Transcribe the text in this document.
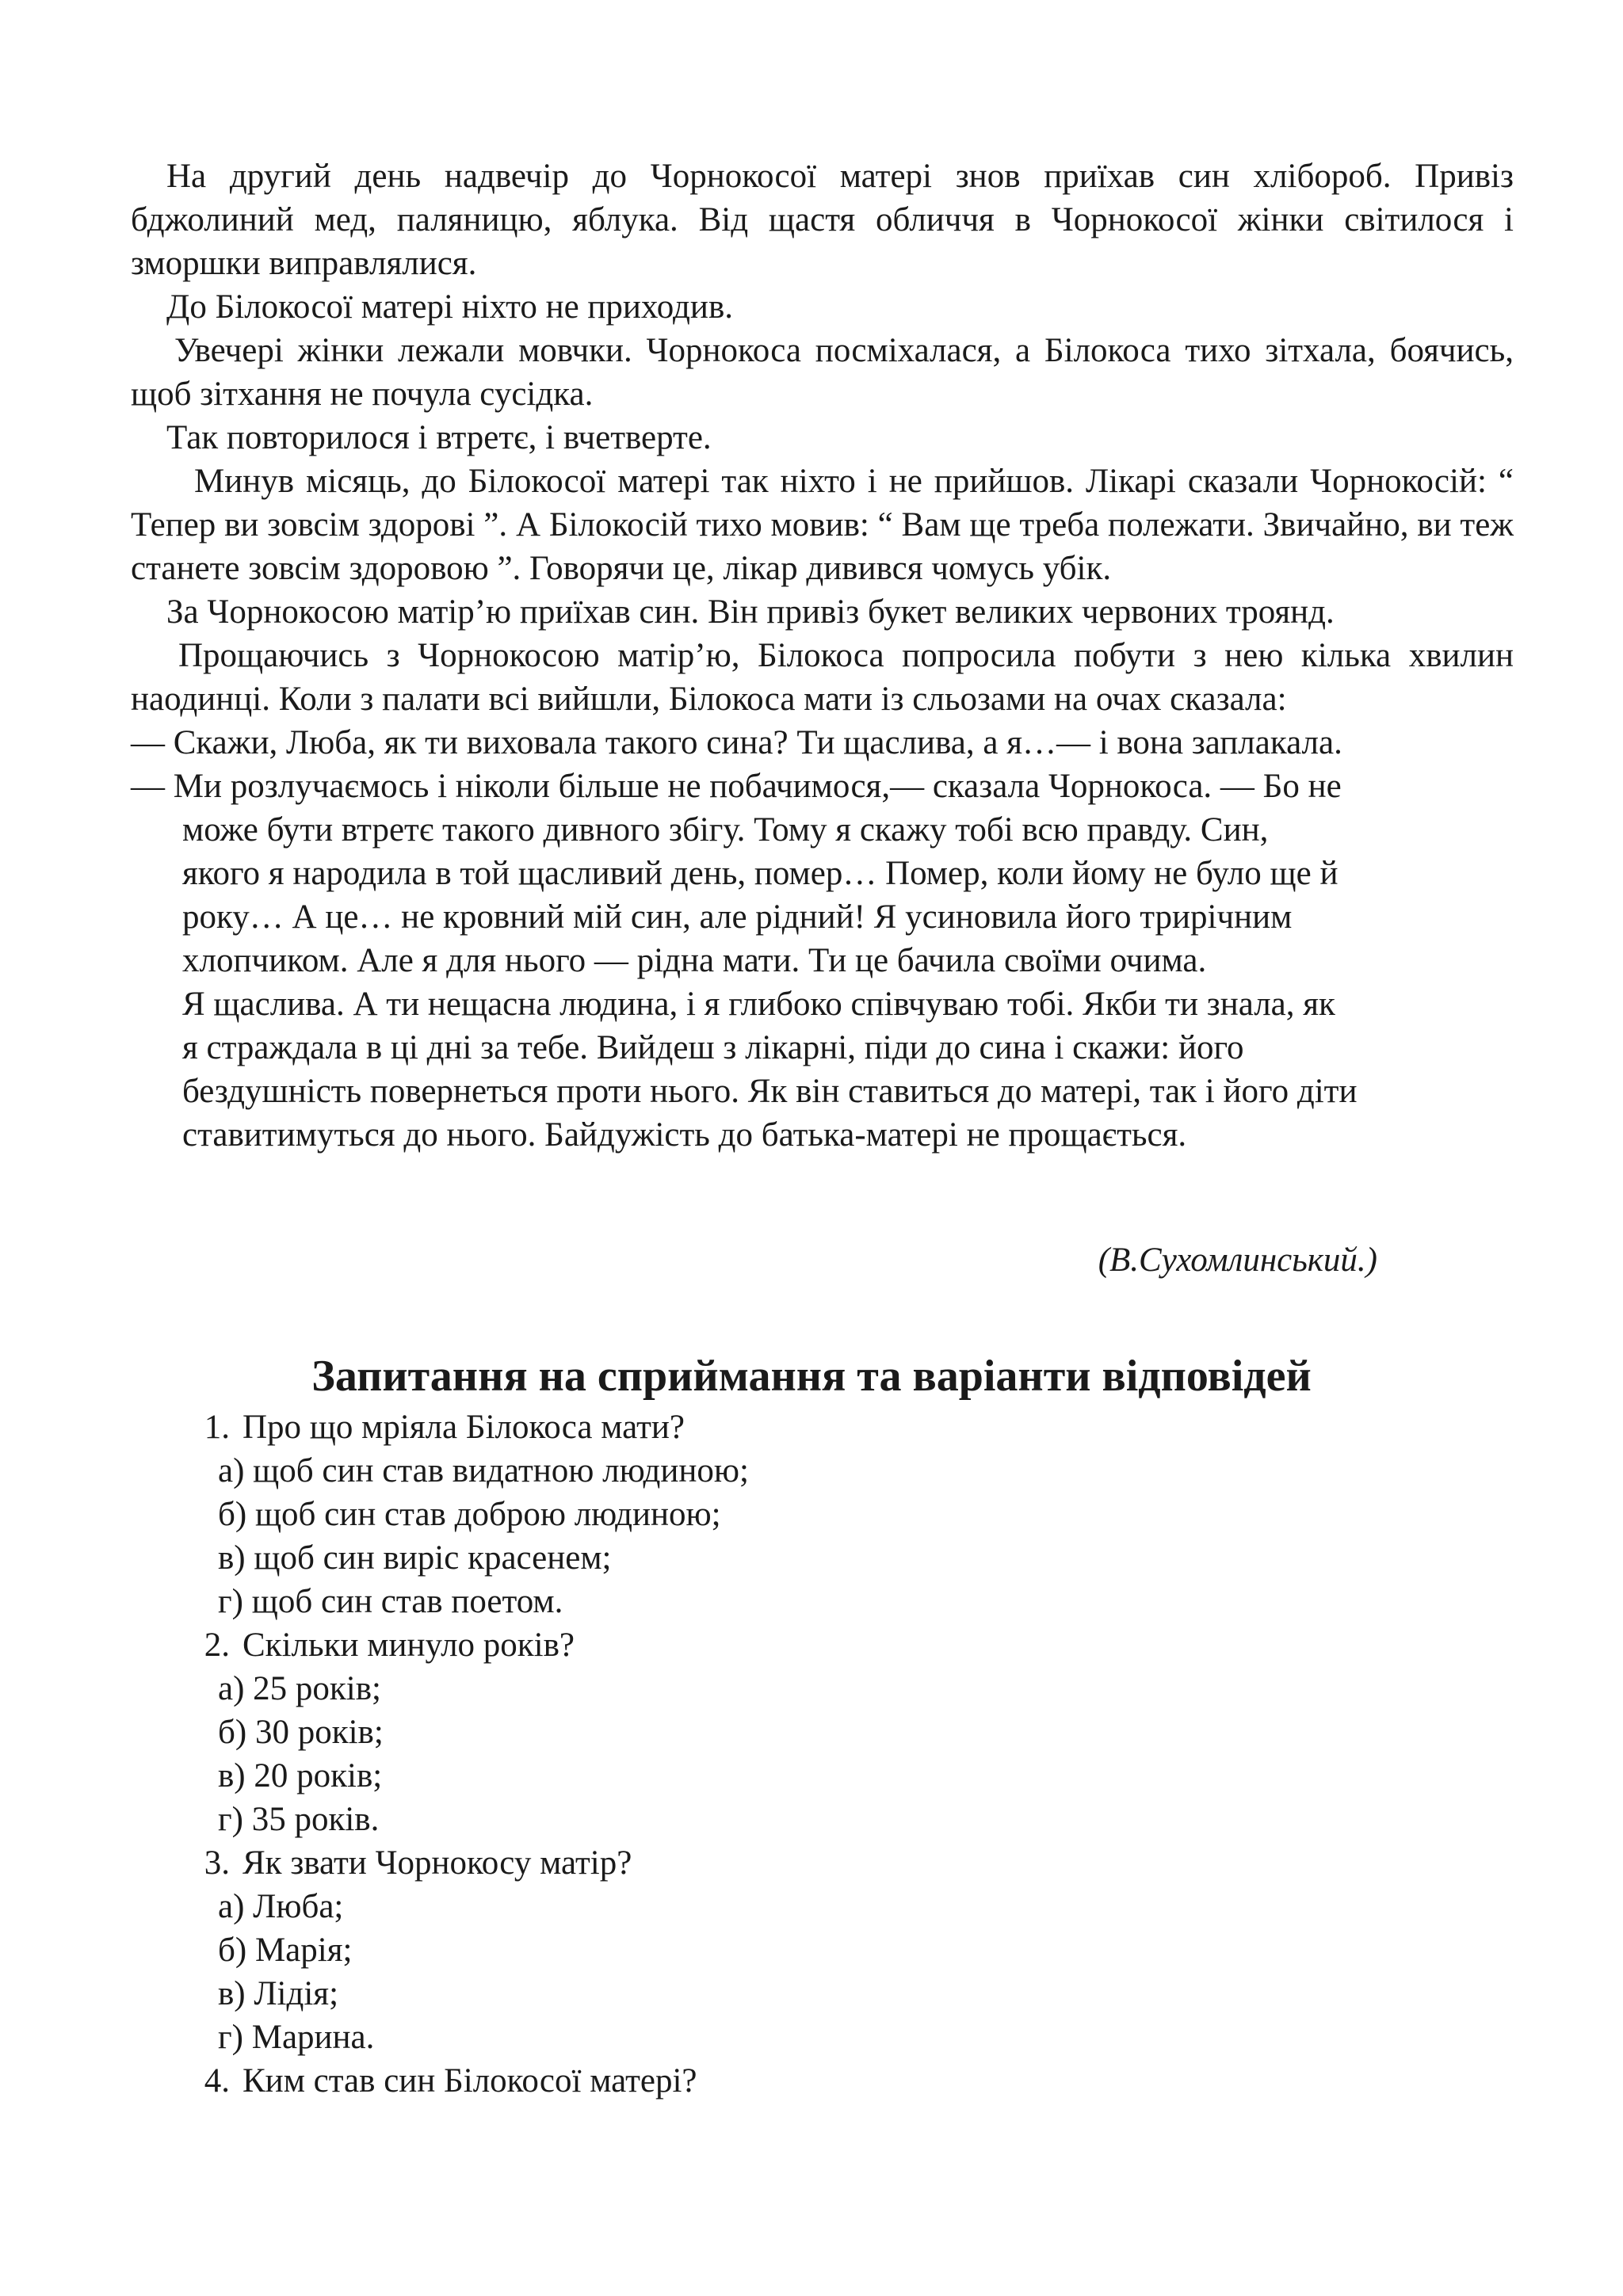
На другий день надвечір до Чорнокосої матері знов приїхав син хлібороб. Привіз бджолиний мед, паляницю, яблука. Від щастя обличчя в Чорнокосої жінки світилося і зморшки виправлялися.

До Білокосої матері ніхто не приходив.

Увечері жінки лежали мовчки. Чорнокоса посміхалася, а Білокоса тихо зітхала, боячись, щоб зітхання не почула сусідка.

Так повторилося і втретє, і вчетверте.

Минув місяць, до Білокосої матері так ніхто і не прийшов. Лікарі сказали Чорнокосій: “ Тепер ви зовсім здорові ”. А Білокосій тихо мовив: “ Вам ще треба полежати. Звичайно, ви теж станете зовсім здоровою ”. Говорячи це, лікар дивився чомусь убік.

За Чорнокосою матір’ю приїхав син. Він привіз букет великих червоних троянд.

Прощаючись з Чорнокосою матір’ю, Білокоса попросила побути з нею кілька хвилин наодинці. Коли з палати всі вийшли, Білокоса мати із сльозами на очах сказала:

— Скажи, Люба, як ти виховала такого сина? Ти щаслива, а я…— і вона заплакала.

— Ми розлучаємось і ніколи більше не побачимося,— сказала Чорнокоса. — Бо не

може бути втретє такого дивного збігу. Тому я скажу тобі всю правду. Син,

якого я народила в той щасливий день, помер… Помер, коли йому не було ще й

року… А це… не кровний мій син, але рідний! Я усиновила його трирічним

хлопчиком. Але я для нього — рідна мати. Ти це бачила своїми очима.

Я щаслива. А ти нещасна людина, і я глибоко співчуваю тобі. Якби ти знала, як

я страждала в ці дні за тебе. Вийдеш з лікарні, піди до сина і скажи: його

бездушність повернеться проти нього. Як він ставиться до матері, так і його діти

ставитимуться до нього. Байдужість до батька-матері не прощається.

(В.Сухомлинський.)

Запитання на сприймання та варіанти відповідей

1. Про що мріяла Білокоса мати?

а) щоб син став видатною людиною;

б) щоб син став доброю людиною;

в) щоб син виріс красенем;

г) щоб син став поетом.

2. Скільки минуло років?

а) 25 років;

б) 30 років;

в) 20 років;

г) 35 років.

3. Як звати Чорнокосу матір?

а) Люба;

б) Марія;

в) Лідія;

г) Марина.

4. Ким став син Білокосої матері?
